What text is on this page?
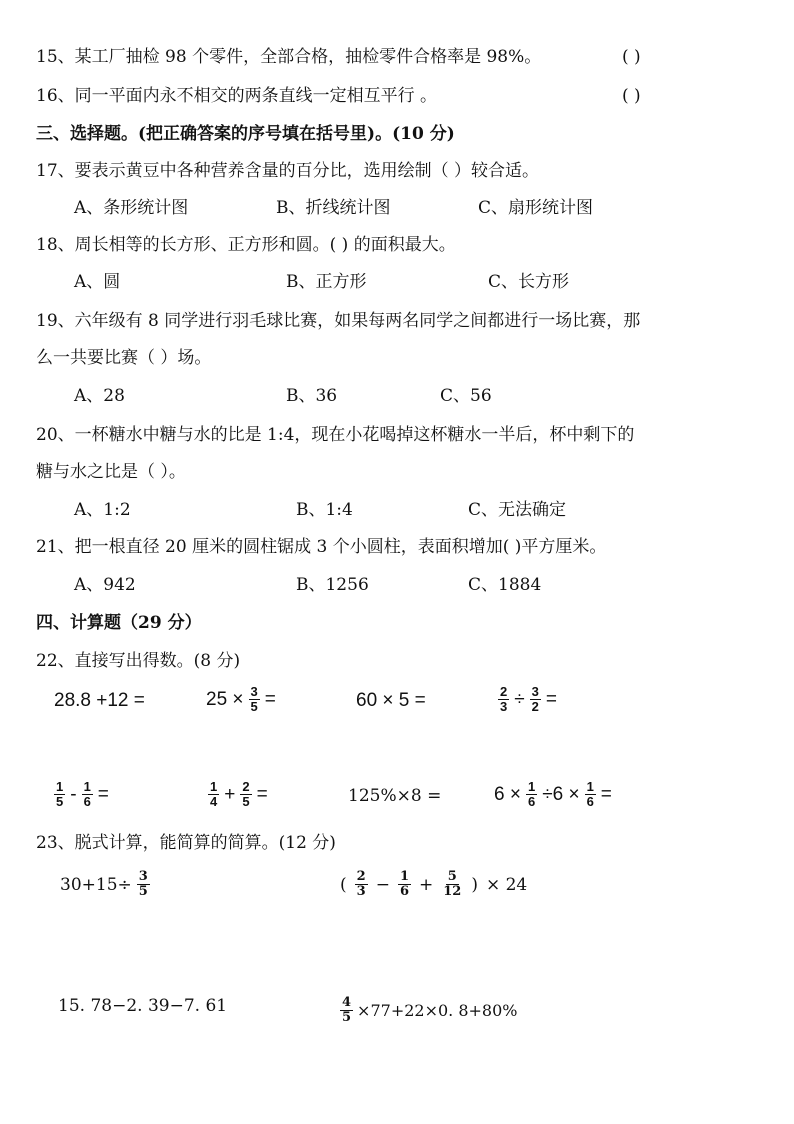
15、某工厂抽检 98 个零件，全部合格，抽检零件合格率是 98%。	( )
16、同一平面内永不相交的两条直线一定相互平行 。	( )
三、选择题。(把正确答案的序号填在括号里)。(10 分)
17、要表示黄豆中各种营养含量的百分比，选用绘制（ ）较合适。
A、条形统计图	B、折线统计图	C、扇形统计图
18、周长相等的长方形、正方形和圆。( ) 的面积最大。
A、圆	B、正方形	C、长方形
19、六年级有 8 同学进行羽毛球比赛，如果每两名同学之间都进行一场比赛，那
么一共要比赛（ ）场。
A、28	B、36	C、56
20、一杯糖水中糖与水的比是 1:4，现在小花喝掉这杯糖水一半后，杯中剩下的
糖与水之比是（ ）。
A、1:2	B、1:4	C、无法确定
21、把一根直径 20 厘米的圆柱锯成 3 个小圆柱，表面积增加( )平方厘米。
A、942	B、1256	C、1884
四、计算题（29 分）
22、直接写出得数。(8 分)
28.8 +12 =	$25 \times \frac{3}{5}$ =	60 × 5 =	$\frac{2}{3} \div \frac{3}{2}$ =
$\frac{1}{5} - \frac{1}{6}$ =	$\frac{1}{4} + \frac{2}{5}$ =	125%×8 =	$6 \times \frac{1}{6} \div 6 \times \frac{1}{6}$ =
23、脱式计算，能简算的简算。(12 分)
$30+15\div \frac{3}{5}$	( $\frac{2}{3} - \frac{1}{6} + \frac{5}{12}$ ) × 24
15. 78−2. 39−7. 61	$\frac{4}{5} \times 77+22\times 0$. 8+80%
